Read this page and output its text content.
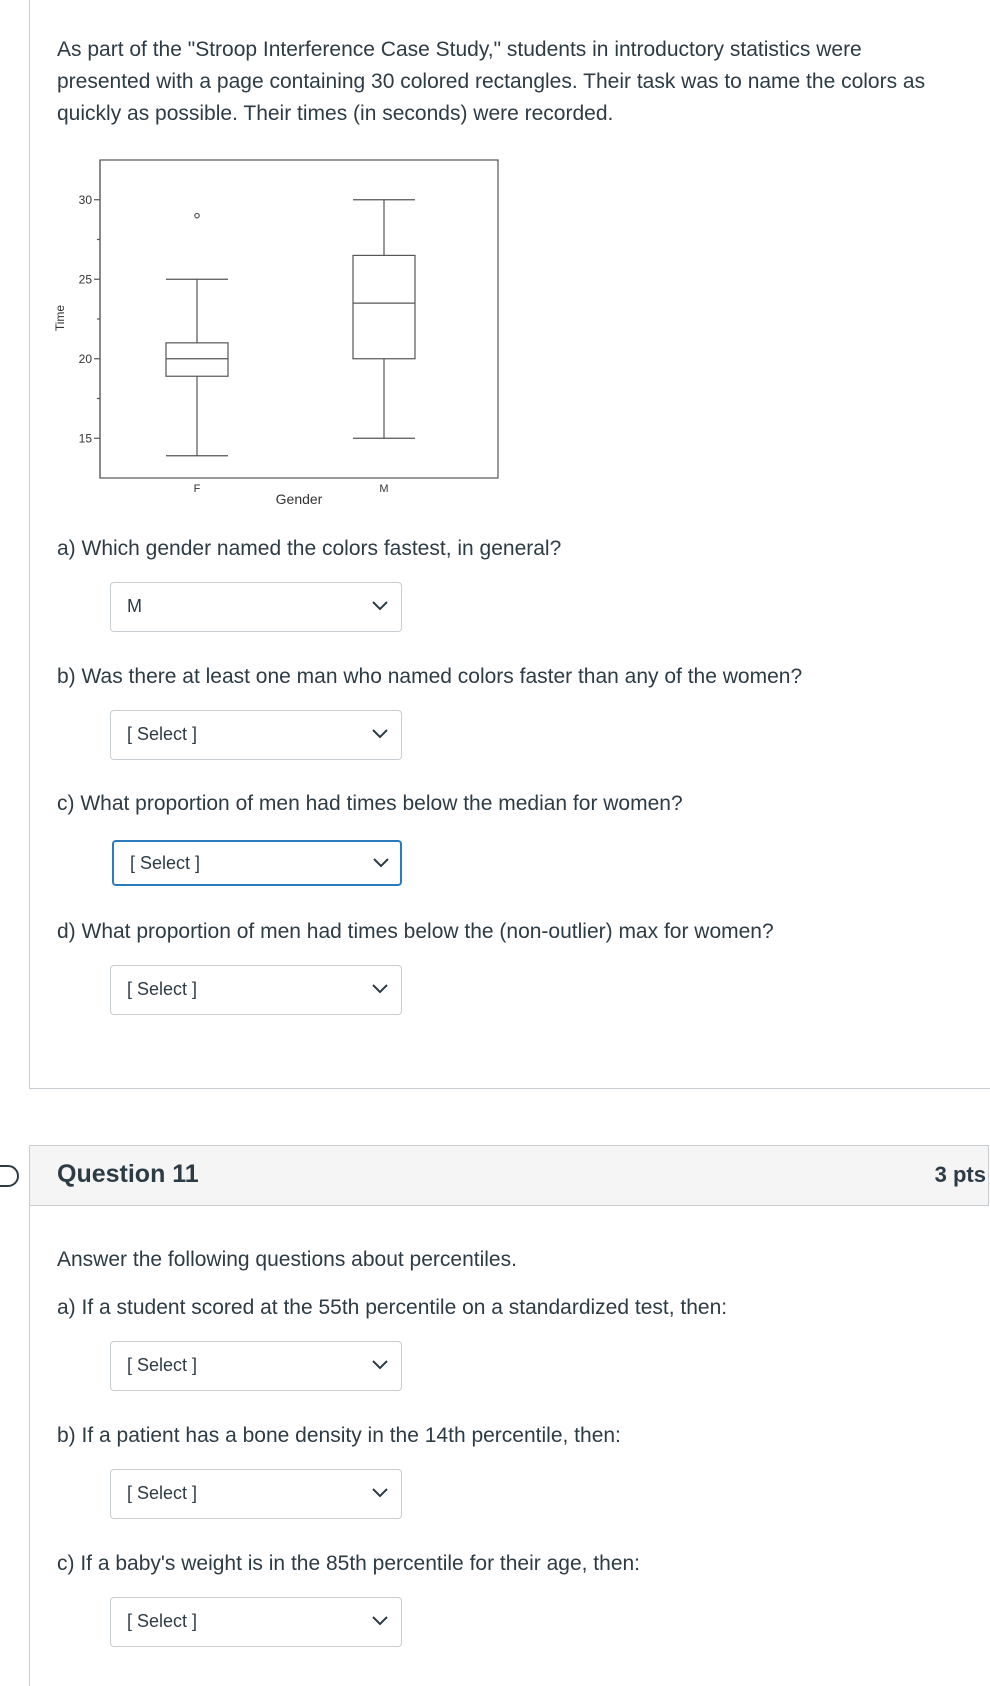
As part of the "Stroop Interference Case Study," students in introductory statistics were presented with a page containing 30 colored rectangles. Their task was to name the colors as quickly as possible. Their times (in seconds) were recorded.

15
20
25
30
F	M
Time
Gender

a) Which gender named the colors fastest, in general?

M

b) Was there at least one man who named colors faster than any of the women?

[ Select ]

c) What proportion of men had times below the median for women?

[ Select ]

d) What proportion of men had times below the (non-outlier) max for women?

[ Select ]
Question 11	3 pts

Answer the following questions about percentiles.

a) If a student scored at the 55th percentile on a standardized test, then:

[ Select ]

b) If a patient has a bone density in the 14th percentile, then:

[ Select ]

c) If a baby's weight is in the 85th percentile for their age, then:

[ Select ]
